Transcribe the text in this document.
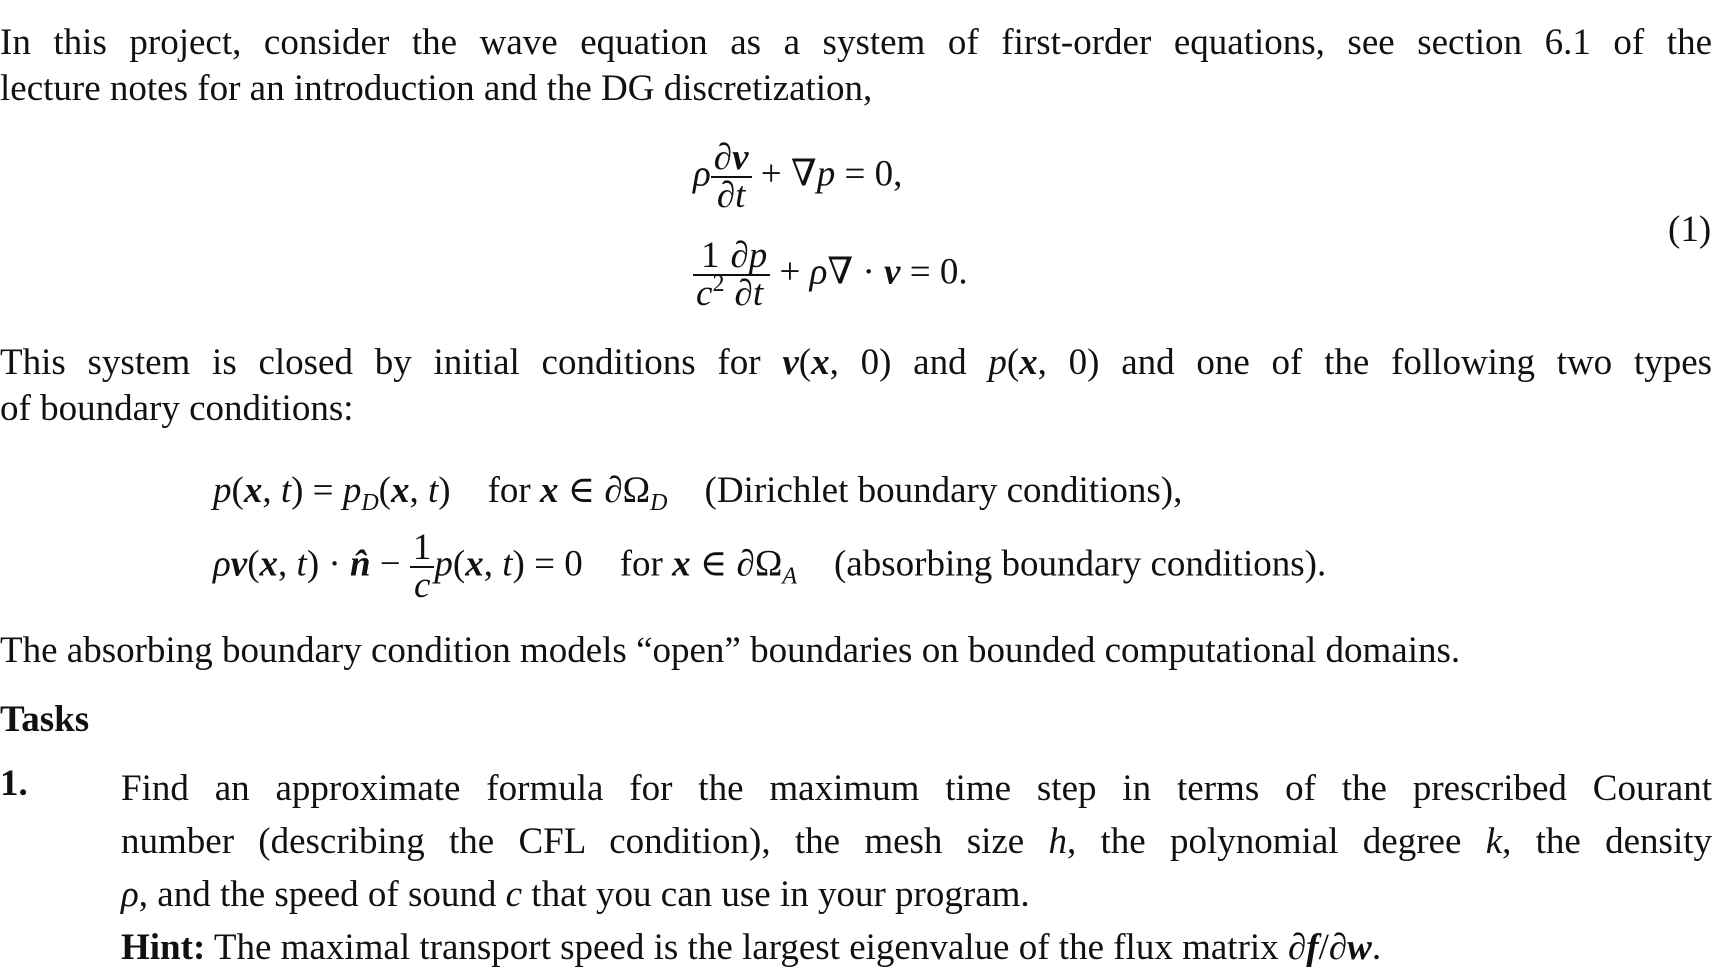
In this project, consider the wave equation as a system of first-order equations, see section 6.1 of the
lecture notes for an introduction and the DG discretization,
ρ $\frac{\partial v}{\partial t} + \nabla p = 0$,
$\frac{1}{c^2} \frac{\partial p}{\partial t} + \rho\nabla \cdot v = 0$.
(1)
This system is closed by initial conditions for v(x, 0) and p(x, 0) and one of the following two types
of boundary conditions:
p(x, $t) = p_D(x$, t)    for x ∈ $\partial\Omega_D$ (Dirichlet boundary conditions),
ρv(x, t) · n̂ − $\frac{1}{c} p(x$, t) = 0    for x ∈ $\partial\Omega_A$ (absorbing boundary conditions).
The absorbing boundary condition models “open” boundaries on bounded computational domains.
Tasks
1.	Find an approximate formula for the maximum time step in terms of the prescribed Courant
number (describing the CFL condition), the mesh size h, the polynomial degree k, the density
ρ, and the speed of sound c that you can use in your program.
Hint: The maximal transport speed is the largest eigenvalue of the flux matrix ∂f/∂w.
